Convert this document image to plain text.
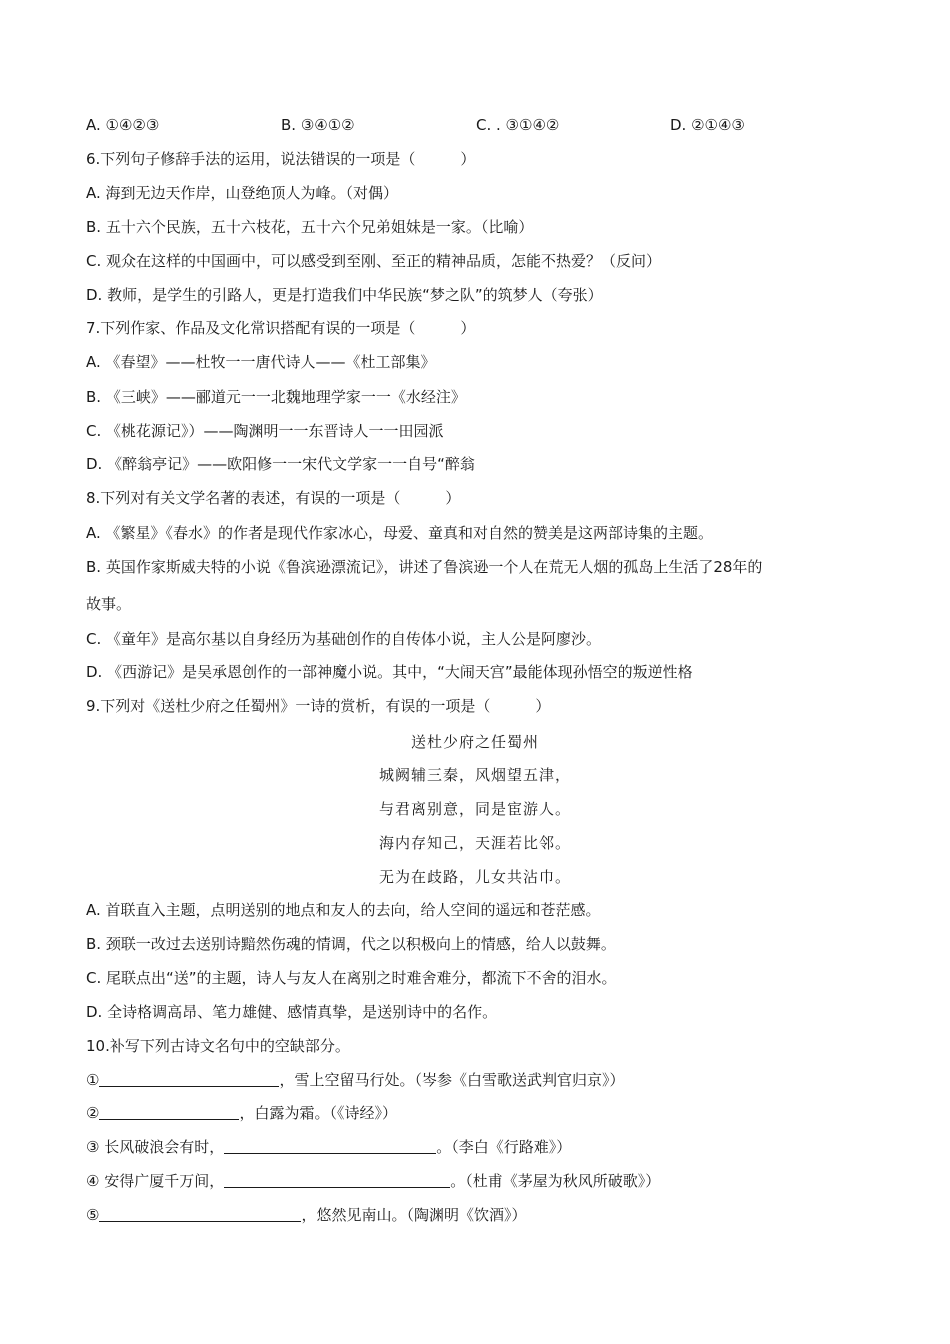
A. ①④②③	B. ③④①②	C. . ③①④②	D. ②①④③
6.下列句子修辞手法的运用，说法错误的一项是（　　　）
A. 海到无边天作岸，山登绝顶人为峰。（对偶）
B. 五十六个民族，五十六枝花，五十六个兄弟姐妹是一家。（比喻）
C. 观众在这样的中国画中，可以感受到至刚、至正的精神品质，怎能不热爱？（反问）
D. 教师，是学生的引路人，更是打造我们中华民族“梦之队”的筑梦人（夸张）
7.下列作家、作品及文化常识搭配有误的一项是（　　　）
A. 《春望》——杜牧一一唐代诗人——《杜工部集》
B. 《三峡》——郦道元一一北魏地理学家一一《水经注》
C. 《桃花源记》）——陶渊明一一东晋诗人一一田园派
D. 《醉翁亭记》——欧阳修一一宋代文学家一一自号“醉翁
8.下列对有关文学名著的表述，有误的一项是（　　　）
A. 《繁星》《春水》的作者是现代作家冰心，母爱、童真和对自然的赞美是这两部诗集的主题。
B. 英国作家斯威夫特的小说《鲁滨逊漂流记》，讲述了鲁滨逊一个人在荒无人烟的孤岛上生活了28年的
故事。
C. 《童年》是高尔基以自身经历为基础创作的自传体小说，主人公是阿廖沙。
D. 《西游记》是吴承恩创作的一部神魔小说。其中，“大闹天宫”最能体现孙悟空的叛逆性格
9.下列对《送杜少府之任蜀州》一诗的赏析，有误的一项是（　　　）
送杜少府之任蜀州
城阙辅三秦，风烟望五津，
与君离别意，同是宦游人。
海内存知己，天涯若比邻。
无为在歧路，儿女共沾巾。
A. 首联直入主题，点明送别的地点和友人的去向，给人空间的遥远和苍茫感。
B. 颈联一改过去送别诗黯然伤魂的情调，代之以积极向上的情感，给人以鼓舞。
C. 尾联点出“送”的主题，诗人与友人在离别之时难舍难分，都流下不舍的泪水。
D. 全诗格调高昂、笔力雄健、感情真挚，是送别诗中的名作。
10.补写下列古诗文名句中的空缺部分。
①	，雪上空留马行处。（岑参《白雪歌送武判官归京》）
②	，白露为霜。（《诗经》）
③ 长风破浪会有时，	。（李白《行路难》）
④ 安得广厦千万间，	。（杜甫《茅屋为秋风所破歌》）
⑤	，悠然见南山。（陶渊明《饮酒》）
